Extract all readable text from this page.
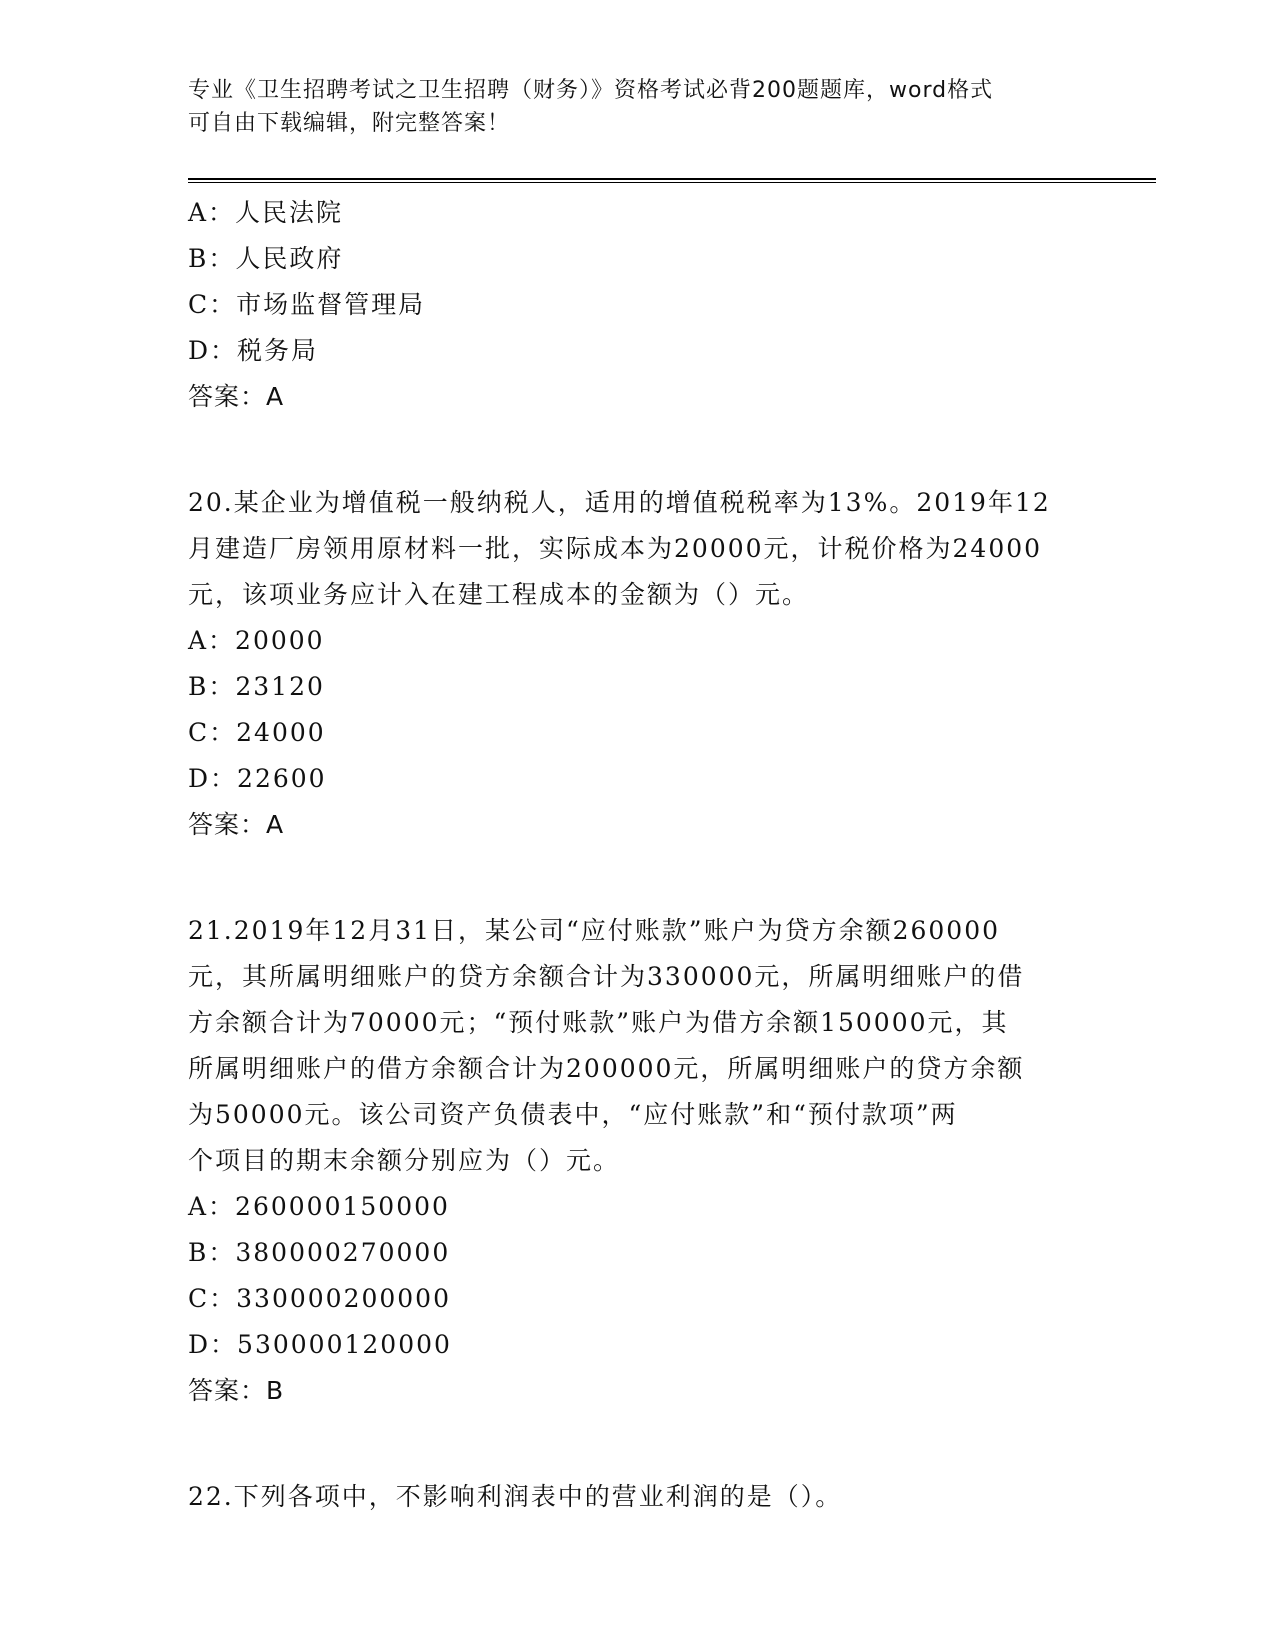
专业《卫生招聘考试之卫生招聘（财务）》资格考试必背200题题库，word格式
可自由下载编辑，附完整答案！
A：人民法院
B：人民政府
C：市场监督管理局
D：税务局
答案：A
20.某企业为增值税一般纳税人，适用的增值税税率为13%。2019年12
月建造厂房领用原材料一批，实际成本为20000元，计税价格为24000
元，该项业务应计入在建工程成本的金额为（）元。
A：20000
B：23120
C：24000
D：22600
答案：A
21.2019年12月31日，某公司“应付账款”账户为贷方余额260000
元，其所属明细账户的贷方余额合计为330000元，所属明细账户的借
方余额合计为70000元；“预付账款”账户为借方余额150000元，其
所属明细账户的借方余额合计为200000元，所属明细账户的贷方余额
为50000元。该公司资产负债表中，“应付账款”和“预付款项”两
个项目的期末余额分别应为（）元。
A：260000150000
B：380000270000
C：330000200000
D：530000120000
答案：B
22.下列各项中，不影响利润表中的营业利润的是（）。
